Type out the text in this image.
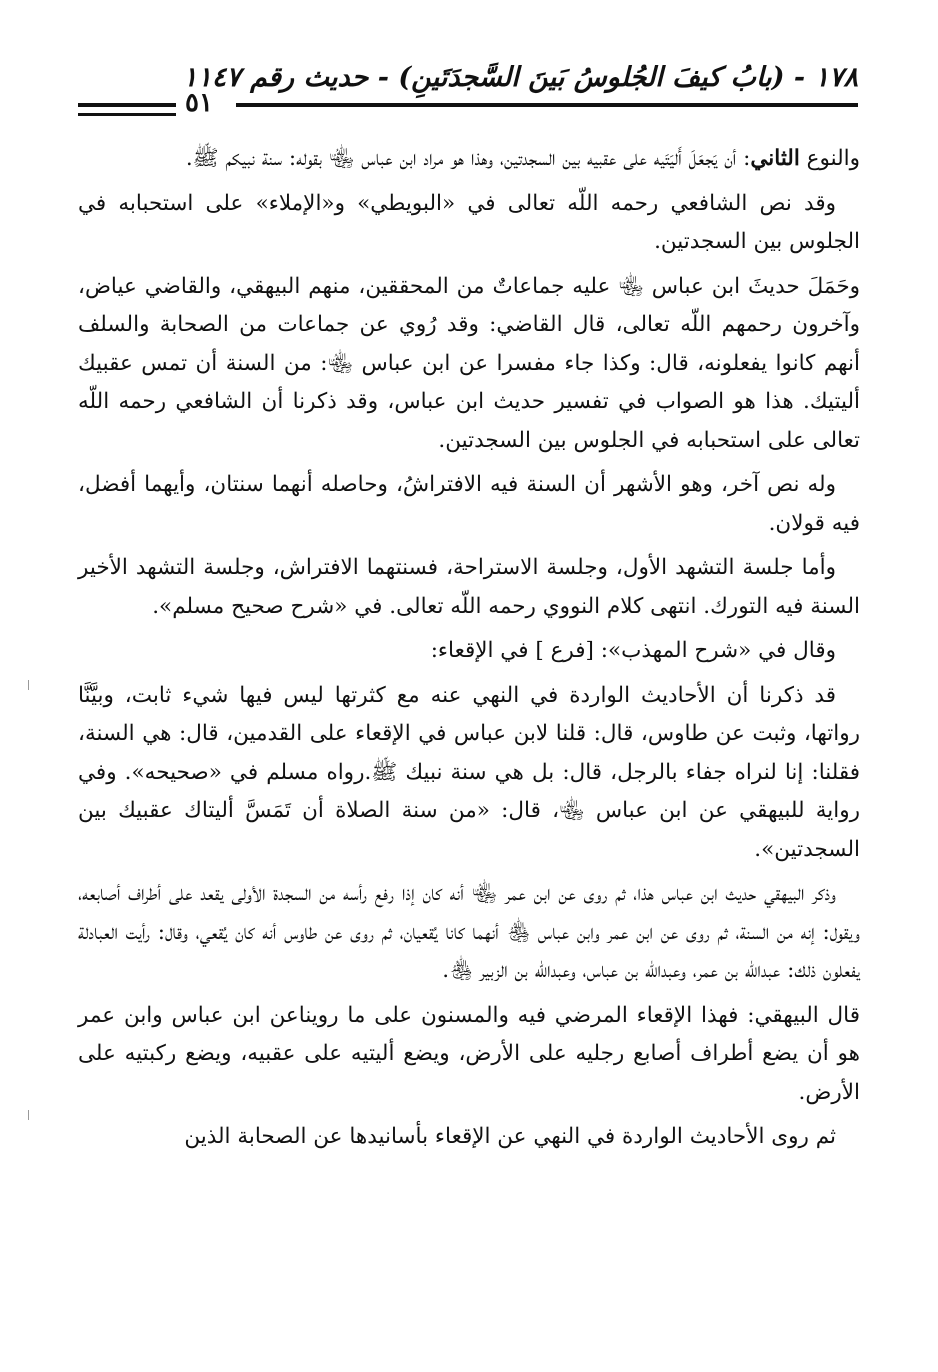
١٧٨ - (بابُ كيفَ الجُلوسُ بَينَ السَّجدَتَينِ) - حديث رقم ١١٤٧
٥١

والنوع الثاني: أن يَجعَلَ أَليَتَيه على عقبيه بين السجدتين، وهذا هو مراد ابن عباس ﵄ بقوله: سنة نبيكم ﷺ.

وقد نص الشافعي رحمه اللّه تعالى في «البويطي» و«الإملاء» على استحبابه في الجلوس بين السجدتين.

وحَمَلَ حديثَ ابن عباس ﵄ عليه جماعاتٌ من المحققين، منهم البيهقي، والقاضي عياض، وآخرون رحمهم اللّه تعالى، قال القاضي: وقد رُوي عن جماعات من الصحابة والسلف أنهم كانوا يفعلونه، قال: وكذا جاء مفسرا عن ابن عباس ﵄: من السنة أن تمس عقبيك أليتيك. هذا هو الصواب في تفسير حديث ابن عباس، وقد ذكرنا أن الشافعي رحمه اللّه تعالى على استحبابه في الجلوس بين السجدتين.

وله نص آخر، وهو الأشهر أن السنة فيه الافتراشُ، وحاصله أنهما سنتان، وأيهما أفضل، فيه قولان.

وأما جلسة التشهد الأول، وجلسة الاستراحة، فسنتهما الافتراش، وجلسة التشهد الأخير السنة فيه التورك. انتهى كلام النووي رحمه اللّه تعالى. في «شرح صحيح مسلم».

وقال في «شرح المهذب»: [فرع ] في الإقعاء:

قد ذكرنا أن الأحاديث الواردة في النهي عنه مع كثرتها ليس فيها شيء ثابت، وبيَّنَّا رواتها، وثبت عن طاوس، قال: قلنا لابن عباس في الإقعاء على القدمين، قال: هي السنة، فقلنا: إنا لنراه جفاء بالرجل، قال: بل هي سنة نبيك ﷺ.رواه مسلم في «صحيحه». وفي رواية للبيهقي عن ابن عباس ﵄، قال: «من سنة الصلاة أن تَمَسَّ أليتاك عقبيك بين السجدتين».

وذكر البيهقي حديث ابن عباس هذا، ثم روى عن ابن عمر ﵄ أنه كان إذا رفع رأسه من السجدة الأولى يقعد على أطراف أصابعه، ويقول: إنه من السنة، ثم روى عن ابن عمر وابن عباس ﵃ أنهما كانا يُقعيان، ثم روى عن طاوس أنه كان يُقعي، وقال: رأيت العبادلة يفعلون ذلك: عبداللّه بن عمر، وعبداللّه بن عباس، وعبداللّه بن الزبير ﵃.

قال البيهقي: فهذا الإقعاء المرضي فيه والمسنون على ما رويناعن ابن عباس وابن عمر هو أن يضع أطراف أصابع رجليه على الأرض، ويضع أليتيه على عقبيه، ويضع ركبتيه على الأرض.

ثم روى الأحاديث الواردة في النهي عن الإقعاء بأسانيدها عن الصحابة الذين
